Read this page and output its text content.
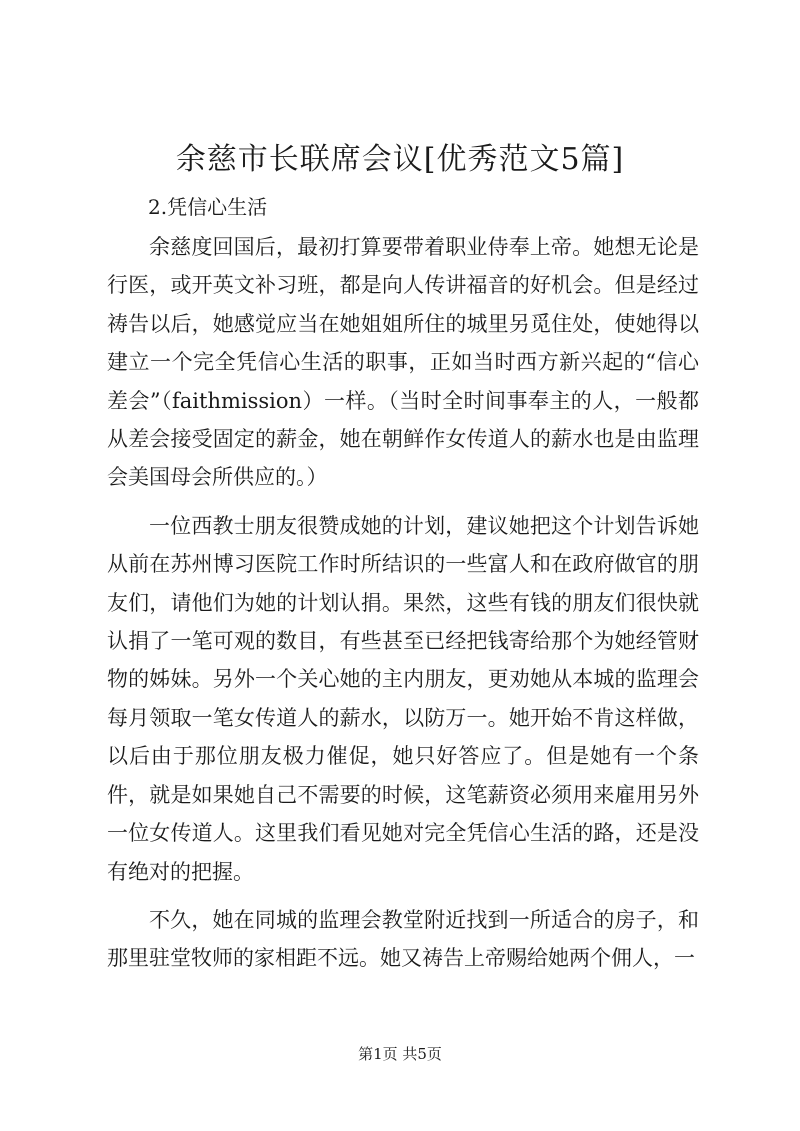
余慈市长联席会议[优秀范文5篇]

2.凭信心生活

余慈度回国后，最初打算要带着职业侍奉上帝。她想无论是行医，或开英文补习班，都是向人传讲福音的好机会。但是经过祷告以后，她感觉应当在她姐姐所住的城里另觅住处，使她得以建立一个完全凭信心生活的职事，正如当时西方新兴起的“信心差会”（faithmission）一样。（当时全时间事奉主的人，一般都从差会接受固定的薪金，她在朝鲜作女传道人的薪水也是由监理会美国母会所供应的。）

一位西教士朋友很赞成她的计划，建议她把这个计划告诉她从前在苏州博习医院工作时所结识的一些富人和在政府做官的朋友们，请他们为她的计划认捐。果然，这些有钱的朋友们很快就认捐了一笔可观的数目，有些甚至已经把钱寄给那个为她经管财物的姊妹。另外一个关心她的主内朋友，更劝她从本城的监理会每月领取一笔女传道人的薪水，以防万一。她开始不肯这样做，以后由于那位朋友极力催促，她只好答应了。但是她有一个条件，就是如果她自己不需要的时候，这笔薪资必须用来雇用另外一位女传道人。这里我们看见她对完全凭信心生活的路，还是没有绝对的把握。

不久，她在同城的监理会教堂附近找到一所适合的房子，和那里驻堂牧师的家相距不远。她又祷告上帝赐给她两个佣人，一

第1页 共5页
